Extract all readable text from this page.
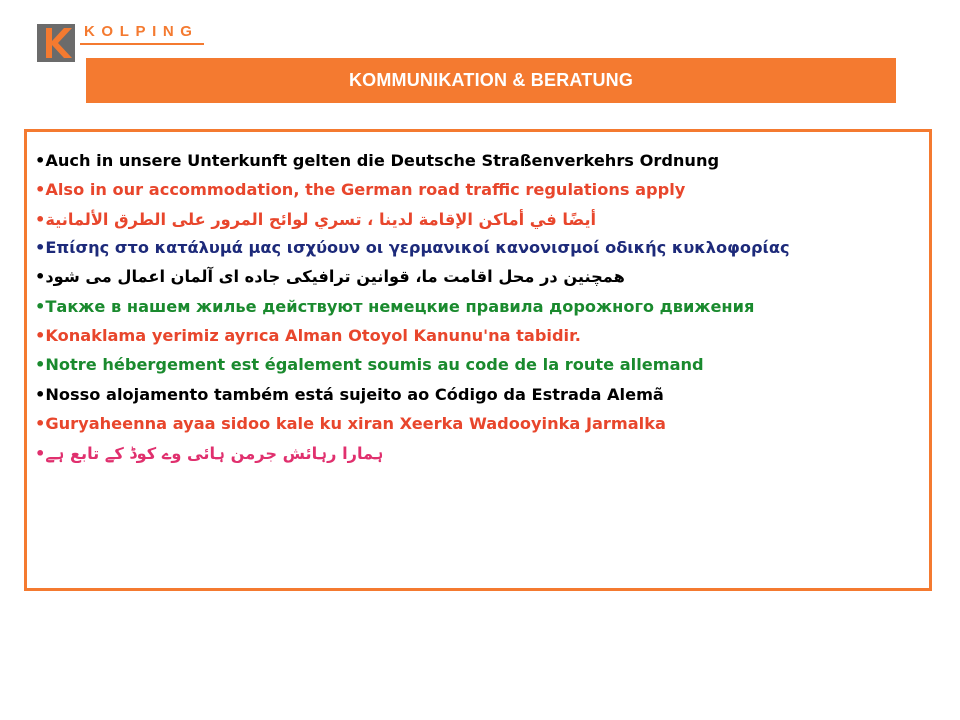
KOLPING
KOMMUNIKATION & BERATUNG
•Auch in unsere Unterkunft gelten die Deutsche Straßenverkehrs Ordnung
•Also in our accommodation, the German road traffic regulations apply
•أيضًا في أماكن الإقامة لدينا ، تسري لوائح المرور على الطرق الألمانية
•Επίσης στο κατάλυμά μας ισχύουν οι γερμανικοί κανονισμοί οδικής κυκλοφορίας
•همچنین در محل اقامت ما، قوانین ترافیکی جاده ای آلمان اعمال می شود
•Также в нашем жилье действуют немецкие правила дорожного движения
•Konaklama yerimiz ayrıca Alman Otoyol Kanunu'na tabidir.
•Notre hébergement est également soumis au code de la route allemand
•Nosso alojamento também está sujeito ao Código da Estrada Alemã
•Guryaheenna ayaa sidoo kale ku xiran Xeerka Wadooyinka Jarmalka
•ہمارا رہائش جرمن ہائی وے کوڈ کے تابع ہے
